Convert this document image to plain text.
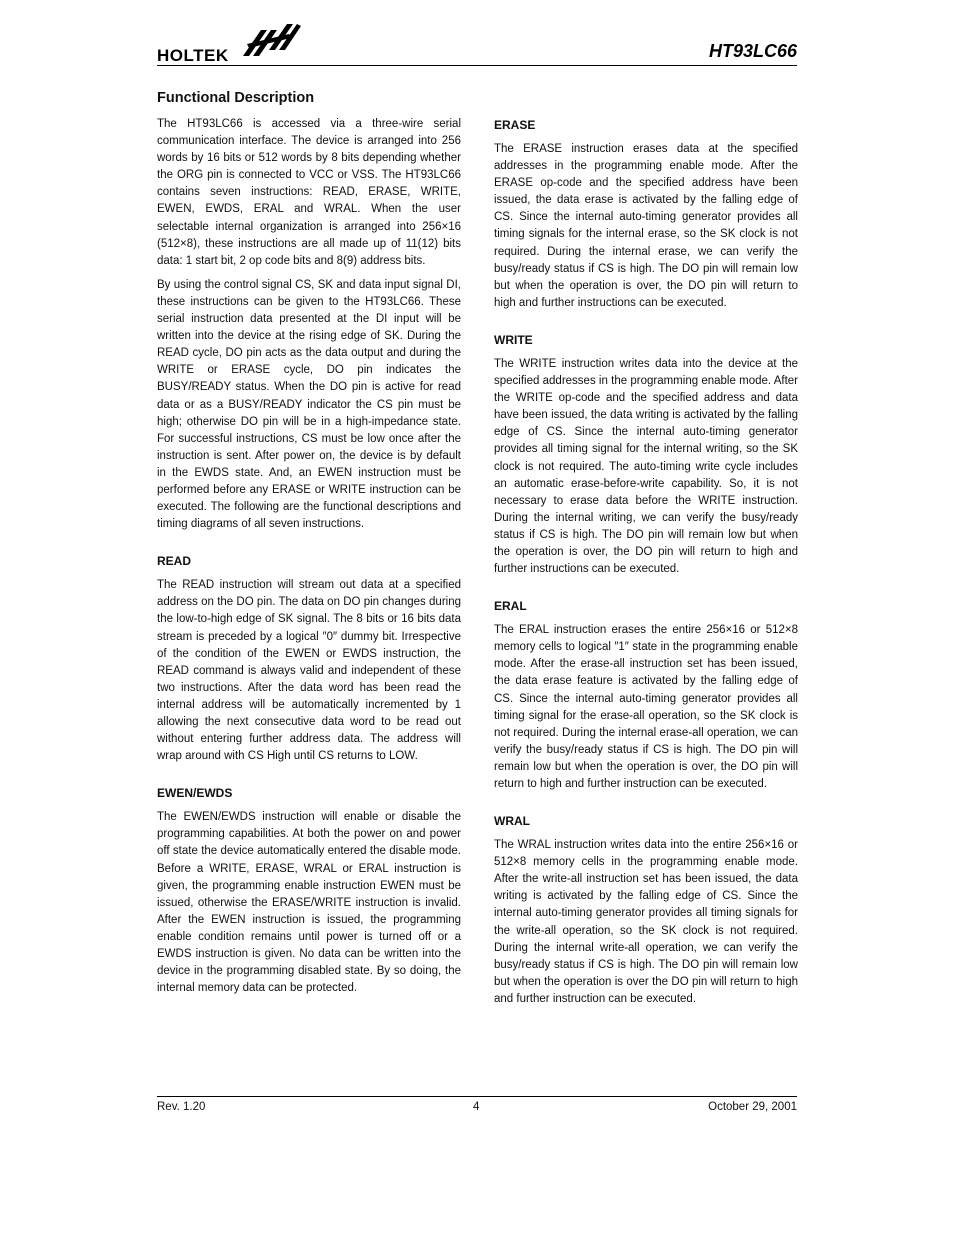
HOLTEK	HT93LC66
Functional Description

The HT93LC66 is accessed via a three-wire serial communication interface. The device is arranged into 256 words by 16 bits or 512 words by 8 bits depending whether the ORG pin is connected to VCC or VSS. The HT93LC66 contains seven instructions: READ, ERASE, WRITE, EWEN, EWDS, ERAL and WRAL. When the user selectable internal organization is arranged into 256×16 (512×8), these instructions are all made up of 11(12) bits data: 1 start bit, 2 op code bits and 8(9) address bits.

By using the control signal CS, SK and data input signal DI, these instructions can be given to the HT93LC66. These serial instruction data presented at the DI input will be written into the device at the rising edge of SK. During the READ cycle, DO pin acts as the data output and during the WRITE or ERASE cycle, DO pin indicates the BUSY/READY status. When the DO pin is active for read data or as a BUSY/READY indicator the CS pin must be high; otherwise DO pin will be in a high-impedance state. For successful instructions, CS must be low once after the instruction is sent. After power on, the device is by default in the EWDS state. And, an EWEN instruction must be performed before any ERASE or WRITE instruction can be executed. The following are the functional descriptions and timing diagrams of all seven instructions.

READ

The READ instruction will stream out data at a specified address on the DO pin. The data on DO pin changes during the low-to-high edge of SK signal. The 8 bits or 16 bits data stream is preceded by a logical ″0″ dummy bit. Irrespective of the condition of the EWEN or EWDS instruction, the READ command is always valid and independent of these two instructions. After the data word has been read the internal address will be automatically incremented by 1 allowing the next consecutive data word to be read out without entering further address data. The address will wrap around with CS High until CS returns to LOW.

EWEN/EWDS

The EWEN/EWDS instruction will enable or disable the programming capabilities. At both the power on and power off state the device automatically entered the disable mode. Before a WRITE, ERASE, WRAL or ERAL instruction is given, the programming enable instruction EWEN must be issued, otherwise the ERASE/WRITE instruction is invalid. After the EWEN instruction is issued, the programming enable condition remains until power is turned off or a EWDS instruction is given. No data can be written into the device in the programming disabled state. By so doing, the internal memory data can be protected.

ERASE

The ERASE instruction erases data at the specified addresses in the programming enable mode. After the ERASE op-code and the specified address have been issued, the data erase is activated by the falling edge of CS. Since the internal auto-timing generator provides all timing signals for the internal erase, so the SK clock is not required. During the internal erase, we can verify the busy/ready status if CS is high. The DO pin will remain low but when the operation is over, the DO pin will return to high and further instructions can be executed.

WRITE

The WRITE instruction writes data into the device at the specified addresses in the programming enable mode. After the WRITE op-code and the specified address and data have been issued, the data writing is activated by the falling edge of CS. Since the internal auto-timing generator provides all timing signal for the internal writing, so the SK clock is not required. The auto-timing write cycle includes an automatic erase-before-write capability. So, it is not necessary to erase data before the WRITE instruction. During the internal writing, we can verify the busy/ready status if CS is high. The DO pin will remain low but when the operation is over, the DO pin will return to high and further instructions can be executed.

ERAL

The ERAL instruction erases the entire 256×16 or 512×8 memory cells to logical ″1″ state in the programming enable mode. After the erase-all instruction set has been issued, the data erase feature is activated by the falling edge of CS. Since the internal auto-timing generator provides all timing signal for the erase-all operation, so the SK clock is not required. During the internal erase-all operation, we can verify the busy/ready status if CS is high. The DO pin will remain low but when the operation is over, the DO pin will return to high and further instruction can be executed.

WRAL

The WRAL instruction writes data into the entire 256×16 or 512×8 memory cells in the programming enable mode. After the write-all instruction set has been issued, the data writing is activated by the falling edge of CS. Since the internal auto-timing generator provides all timing signals for the write-all operation, so the SK clock is not required. During the internal write-all operation, we can verify the busy/ready status if CS is high. The DO pin will remain low but when the operation is over the DO pin will return to high and further instruction can be executed.

Rev. 1.20	4	October 29, 2001
